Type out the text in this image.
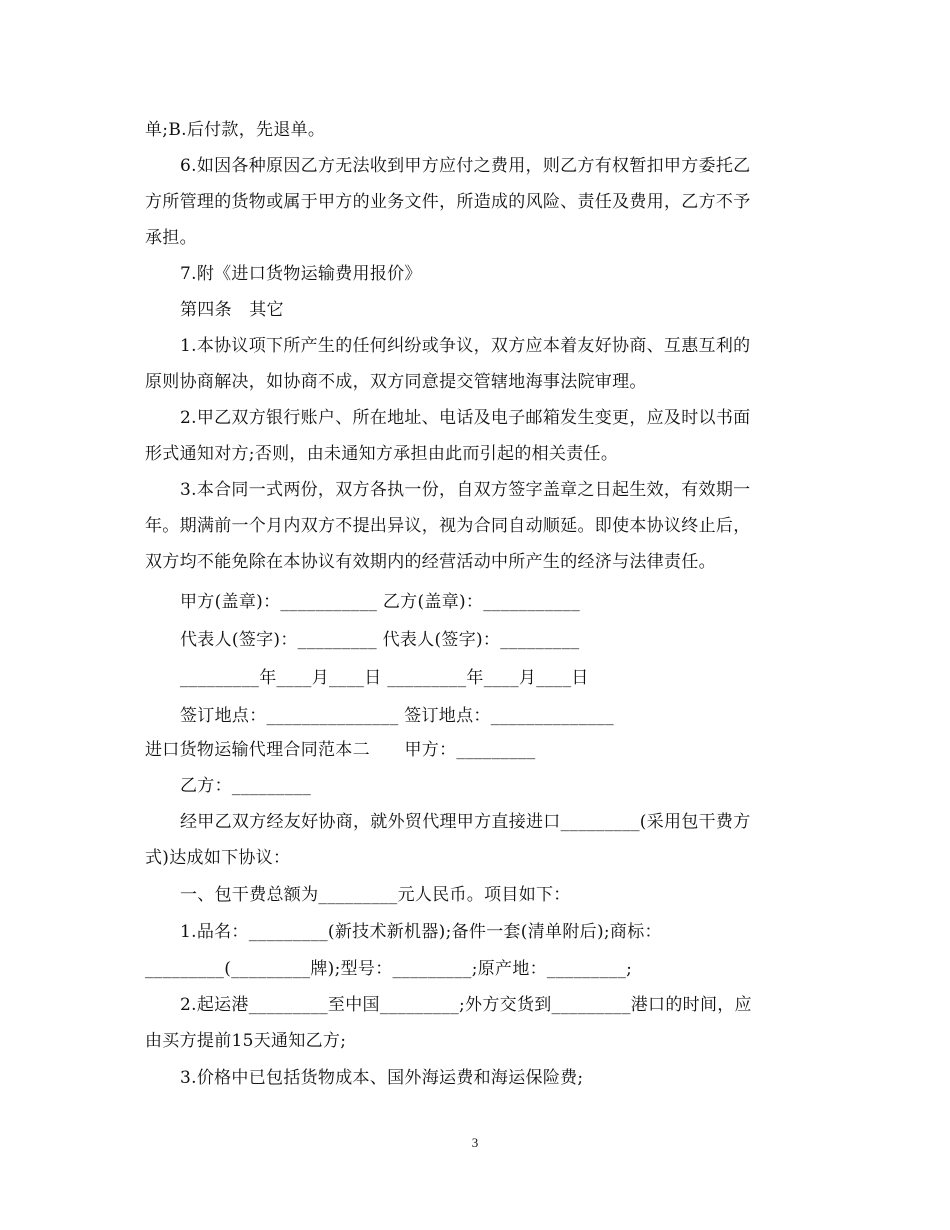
单;B.后付款，先退单。
6.如因各种原因乙方无法收到甲方应付之费用，则乙方有权暂扣甲方委托乙
方所管理的货物或属于甲方的业务文件，所造成的风险、责任及费用，乙方不予
承担。
7.附《进口货物运输费用报价》
第四条　其它
1.本协议项下所产生的任何纠纷或争议，双方应本着友好协商、互惠互利的
原则协商解决，如协商不成，双方同意提交管辖地海事法院审理。
2.甲乙双方银行账户、所在地址、电话及电子邮箱发生变更，应及时以书面
形式通知对方;否则，由未通知方承担由此而引起的相关责任。
3.本合同一式两份，双方各执一份，自双方签字盖章之日起生效，有效期一
年。期满前一个月内双方不提出异议，视为合同自动顺延。即使本协议终止后，
双方均不能免除在本协议有效期内的经营活动中所产生的经济与法律责任。
甲方(盖章)：___________ 乙方(盖章)：___________
代表人(签字)：_________ 代表人(签字)：_________
_________年____月____日 _________年____月____日
签订地点：_______________ 签订地点：______________
进口货物运输代理合同范本二　　甲方：_________
乙方：_________
经甲乙双方经友好协商，就外贸代理甲方直接进口_________(采用包干费方
式)达成如下协议：
一、包干费总额为_________元人民币。项目如下：
1.品名：_________(新技术新机器);备件一套(清单附后);商标：
_________(_________牌);型号：_________;原产地：_________;
2.起运港_________至中国_________;外方交货到_________港口的时间，应
由买方提前15天通知乙方;
3.价格中已包括货物成本、国外海运费和海运保险费;
3
